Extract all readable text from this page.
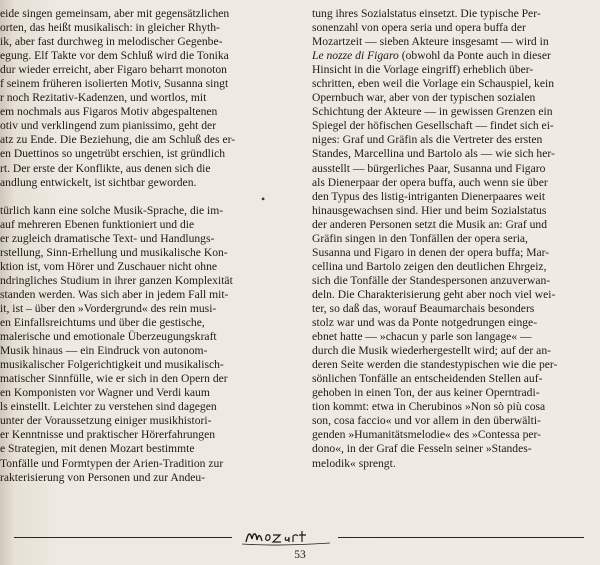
eide singen gemeinsam, aber mit gegensätzlichen
orten, das heißt musikalisch: in gleicher Rhyth-
ik, aber fast durchweg in melodischer Gegenbe-
egung. Elf Takte vor dem Schluß wird die Tonika
dur wieder erreicht, aber Figaro beharrt monoton
f seinem früheren isolierten Motiv, Susanna singt
r noch Rezitativ-Kadenzen, und wortlos, mit
em nochmals aus Figaros Motiv abgespaltenen
otiv und verklingend zum pianissimo, geht der
atz zu Ende. Die Beziehung, die am Schluß des er-
en Duettinos so ungetrübt erschien, ist gründlich
rt. Der erste der Konflikte, aus denen sich die
andlung entwickelt, ist sichtbar geworden.
türlich kann eine solche Musik-Sprache, die im-
auf mehreren Ebenen funktioniert und die
er zugleich dramatische Text- und Handlungs-
rstellung, Sinn-Erhellung und musikalische Kon-
ktion ist, vom Hörer und Zuschauer nicht ohne
ndringliches Studium in ihrer ganzen Komplexität
standen werden. Was sich aber in jedem Fall mit-
it, ist – über den »Vordergrund« des rein musi-
en Einfallsreichtums und über die gestische,
malerische und emotionale Überzeugungskraft
Musik hinaus — ein Eindruck von autonom-
musikalischer Folgerichtigkeit und musikalisch-
matischer Sinnfülle, wie er sich in den Opern der
en Komponisten vor Wagner und Verdi kaum
ls einstellt. Leichter zu verstehen sind dagegen
unter der Voraussetzung einiger musikhistori-
er Kenntnisse und praktischer Hörerfahrungen
e Strategien, mit denen Mozart bestimmte
Tonfälle und Formtypen der Arien-Tradition zur
rakterisierung von Personen und zur Andeu-
tung ihres Sozialstatus einsetzt. Die typische Per-
sonenzahl von opera seria und opera buffa der
Mozartzeit — sieben Akteure insgesamt — wird in
Le nozze di Figaro (obwohl da Ponte auch in dieser
Hinsicht in die Vorlage eingriff) erheblich über-
schritten, eben weil die Vorlage ein Schauspiel, kein
Opernbuch war, aber von der typischen sozialen
Schichtung der Akteure — in gewissen Grenzen ein
Spiegel der höfischen Gesellschaft — findet sich ei-
niges: Graf und Gräfin als die Vertreter des ersten
Standes, Marcellina und Bartolo als — wie sich her-
ausstellt — bürgerliches Paar, Susanna und Figaro
als Dienerpaar der opera buffa, auch wenn sie über
den Typus des listig-intriganten Dienerpaares weit
hinausgewachsen sind. Hier und beim Sozialstatus
der anderen Personen setzt die Musik an: Graf und
Gräfin singen in den Tonfällen der opera seria,
Susanna und Figaro in denen der opera buffa; Mar-
cellina und Bartolo zeigen den deutlichen Ehrgeiz,
sich die Tonfälle der Standespersonen anzuverwan-
deln. Die Charakterisierung geht aber noch viel wei-
ter, so daß das, worauf Beaumarchais besonders
stolz war und was da Ponte notgedrungen einge-
ebnet hatte — »chacun y parle son langage« —
durch die Musik wiederhergestellt wird; auf der an-
deren Seite werden die standestypischen wie die per-
sönlichen Tonfälle an entscheidenden Stellen auf-
gehoben in einen Ton, der aus keiner Operntradi-
tion kommt: etwa in Cherubinos »Non sò più cosa
son, cosa faccio« und vor allem in den überwälti-
genden »Humanitätsmelodie« des »Contessa per-
dono«, in der Graf die Fesseln seiner »Standes-
melodik« sprengt.
•
53
